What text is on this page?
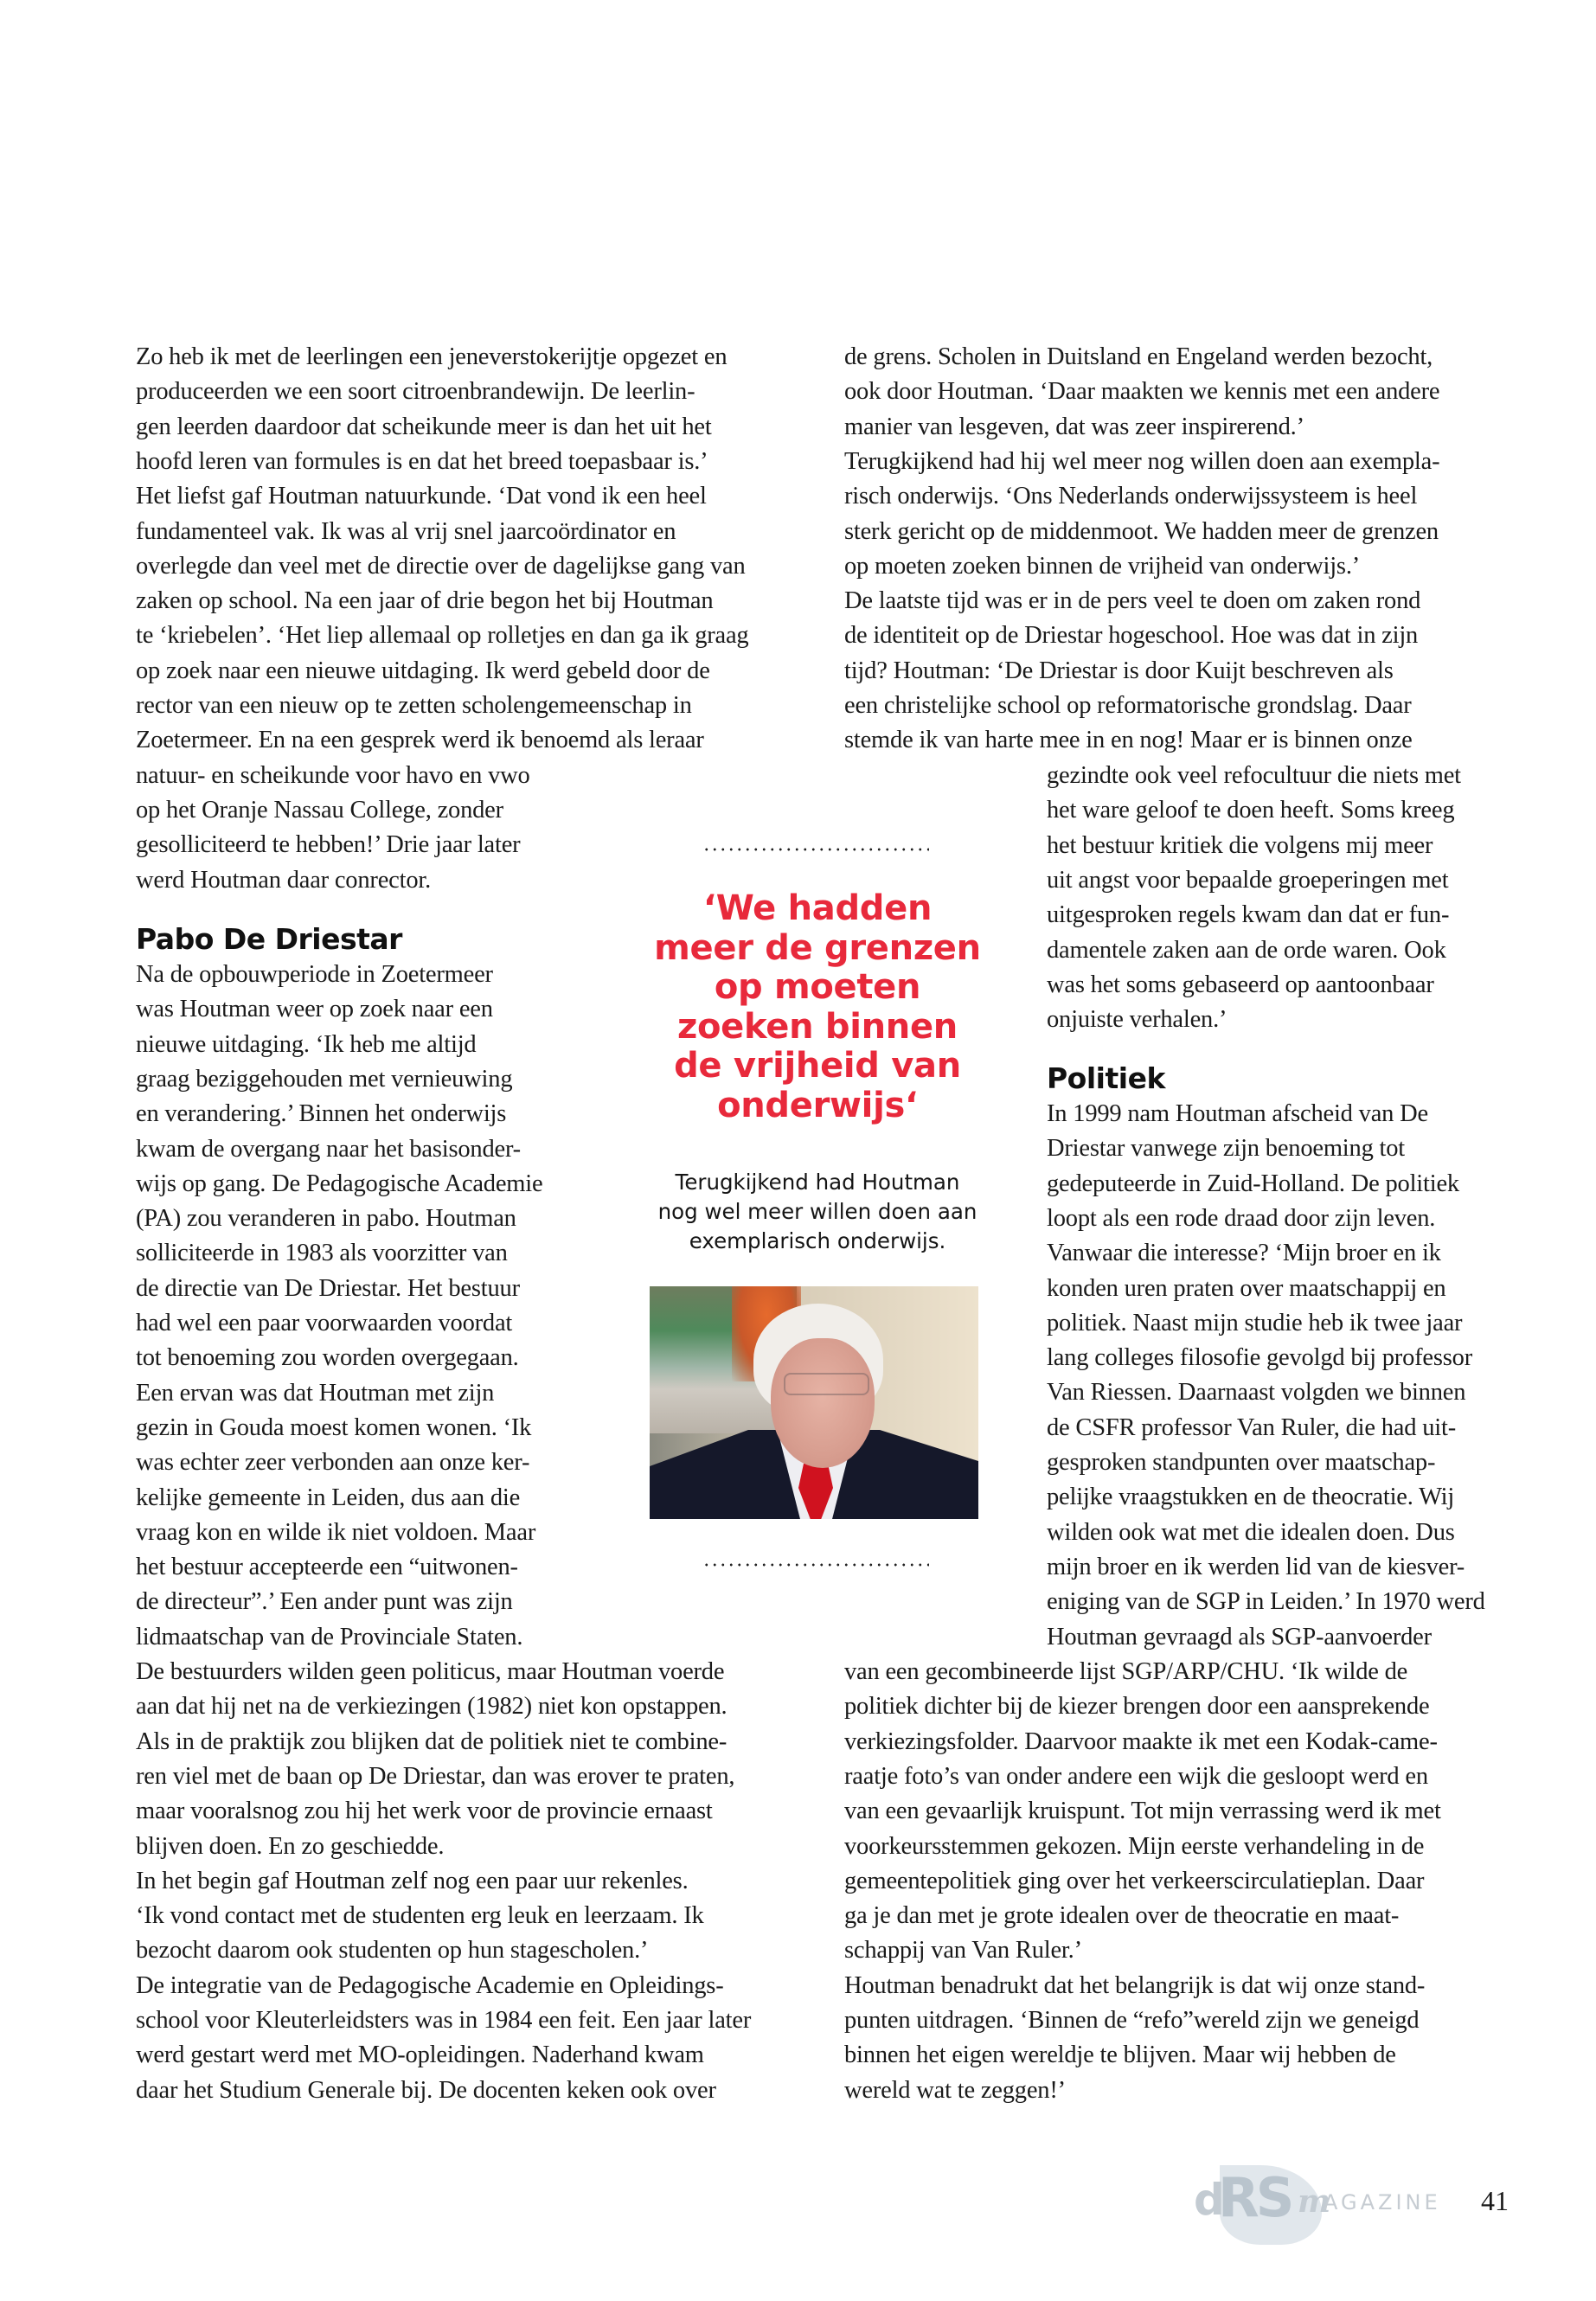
Zo heb ik met de leerlingen een jeneverstokerijtje opgezet en
produceerden we een soort citroenbrandewijn. De leerlin-
gen leerden daardoor dat scheikunde meer is dan het uit het
hoofd leren van formules is en dat het breed toepasbaar is.’
Het liefst gaf Houtman natuurkunde. ‘Dat vond ik een heel
fundamenteel vak. Ik was al vrij snel jaarcoördinator en
overlegde dan veel met de directie over de dagelijkse gang van
zaken op school. Na een jaar of drie begon het bij Houtman
te ‘kriebelen’. ‘Het liep allemaal op rolletjes en dan ga ik graag
op zoek naar een nieuwe uitdaging. Ik werd gebeld door de
rector van een nieuw op te zetten scholengemeenschap in
Zoetermeer. En na een gesprek werd ik benoemd als leraar
natuur- en scheikunde voor havo en vwo
op het Oranje Nassau College, zonder
gesolliciteerd te hebben!’ Drie jaar later
werd Houtman daar conrector.
Pabo De Driestar
Na de opbouwperiode in Zoetermeer
was Houtman weer op zoek naar een
nieuwe uitdaging. ‘Ik heb me altijd
graag beziggehouden met vernieuwing
en verandering.’ Binnen het onderwijs
kwam de overgang naar het basisonder-
wijs op gang. De Pedagogische Academie
(PA) zou veranderen in pabo. Houtman
solliciteerde in 1983 als voorzitter van
de directie van De Driestar. Het bestuur
had wel een paar voorwaarden voordat
tot benoeming zou worden overgegaan.
Een ervan was dat Houtman met zijn
gezin in Gouda moest komen wonen. ‘Ik
was echter zeer verbonden aan onze ker-
kelijke gemeente in Leiden, dus aan die
vraag kon en wilde ik niet voldoen. Maar
het bestuur accepteerde een “uitwonen-
de directeur”.’ Een ander punt was zijn
lidmaatschap van de Provinciale Staten.
De bestuurders wilden geen politicus, maar Houtman voerde
aan dat hij net na de verkiezingen (1982) niet kon opstappen.
Als in de praktijk zou blijken dat de politiek niet te combine-
ren viel met de baan op De Driestar, dan was erover te praten,
maar vooralsnog zou hij het werk voor de provincie ernaast
blijven doen. En zo geschiedde.
In het begin gaf Houtman zelf nog een paar uur rekenles.
‘Ik vond contact met de studenten erg leuk en leerzaam. Ik
bezocht daarom ook studenten op hun stagescholen.’
De integratie van de Pedagogische Academie en Opleidings-
school voor Kleuterleidsters was in 1984 een feit. Een jaar later
werd gestart werd met MO-opleidingen. Naderhand kwam
daar het Studium Generale bij. De docenten keken ook over
de grens. Scholen in Duitsland en Engeland werden bezocht,
ook door Houtman. ‘Daar maakten we kennis met een andere
manier van lesgeven, dat was zeer inspirerend.’
Terugkijkend had hij wel meer nog willen doen aan exempla-
risch onderwijs. ‘Ons Nederlands onderwijssysteem is heel
sterk gericht op de middenmoot. We hadden meer de grenzen
op moeten zoeken binnen de vrijheid van onderwijs.’
De laatste tijd was er in de pers veel te doen om zaken rond
de identiteit op de Driestar hogeschool. Hoe was dat in zijn
tijd? Houtman: ‘De Driestar is door Kuijt beschreven als
een christelijke school op reformatorische grondslag. Daar
stemde ik van harte mee in en nog! Maar er is binnen onze
gezindte ook veel refocultuur die niets met
het ware geloof te doen heeft. Soms kreeg
het bestuur kritiek die volgens mij meer
uit angst voor bepaalde groeperingen met
uitgesproken regels kwam dan dat er fun-
damentele zaken aan de orde waren. Ook
was het soms gebaseerd op aantoonbaar
onjuiste verhalen.’
Politiek
In 1999 nam Houtman afscheid van De
Driestar vanwege zijn benoeming tot
gedeputeerde in Zuid-Holland. De politiek
loopt als een rode draad door zijn leven.
Vanwaar die interesse? ‘Mijn broer en ik
konden uren praten over maatschappij en
politiek. Naast mijn studie heb ik twee jaar
lang colleges filosofie gevolgd bij professor
Van Riessen. Daarnaast volgden we binnen
de CSFR professor Van Ruler, die had uit-
gesproken standpunten over maatschap-
pelijke vraagstukken en de theocratie. Wij
wilden ook wat met die idealen doen. Dus
mijn broer en ik werden lid van de kiesver-
eniging van de SGP in Leiden.’ In 1970 werd
Houtman gevraagd als SGP-aanvoerder
van een gecombineerde lijst SGP/ARP/CHU. ‘Ik wilde de
politiek dichter bij de kiezer brengen door een aansprekende
verkiezingsfolder. Daarvoor maakte ik met een Kodak-came-
raatje foto’s van onder andere een wijk die gesloopt werd en
van een gevaarlijk kruispunt. Tot mijn verrassing werd ik met
voorkeursstemmen gekozen. Mijn eerste verhandeling in de
gemeentepolitiek ging over het verkeerscirculatieplan. Daar
ga je dan met je grote idealen over de theocratie en maat-
schappij van Van Ruler.’
Houtman benadrukt dat het belangrijk is dat wij onze stand-
punten uitdragen. ‘Binnen de “refo”wereld zijn we geneigd
binnen het eigen wereldje te blijven. Maar wij hebben de
wereld wat te zeggen!’
‘We hadden
meer de grenzen
op moeten
zoeken binnen
de vrijheid van
onderwijs‘
Terugkijkend had Houtman
nog wel meer willen doen aan
exemplarisch onderwijs.
d
RS m
AGAZINE 41
